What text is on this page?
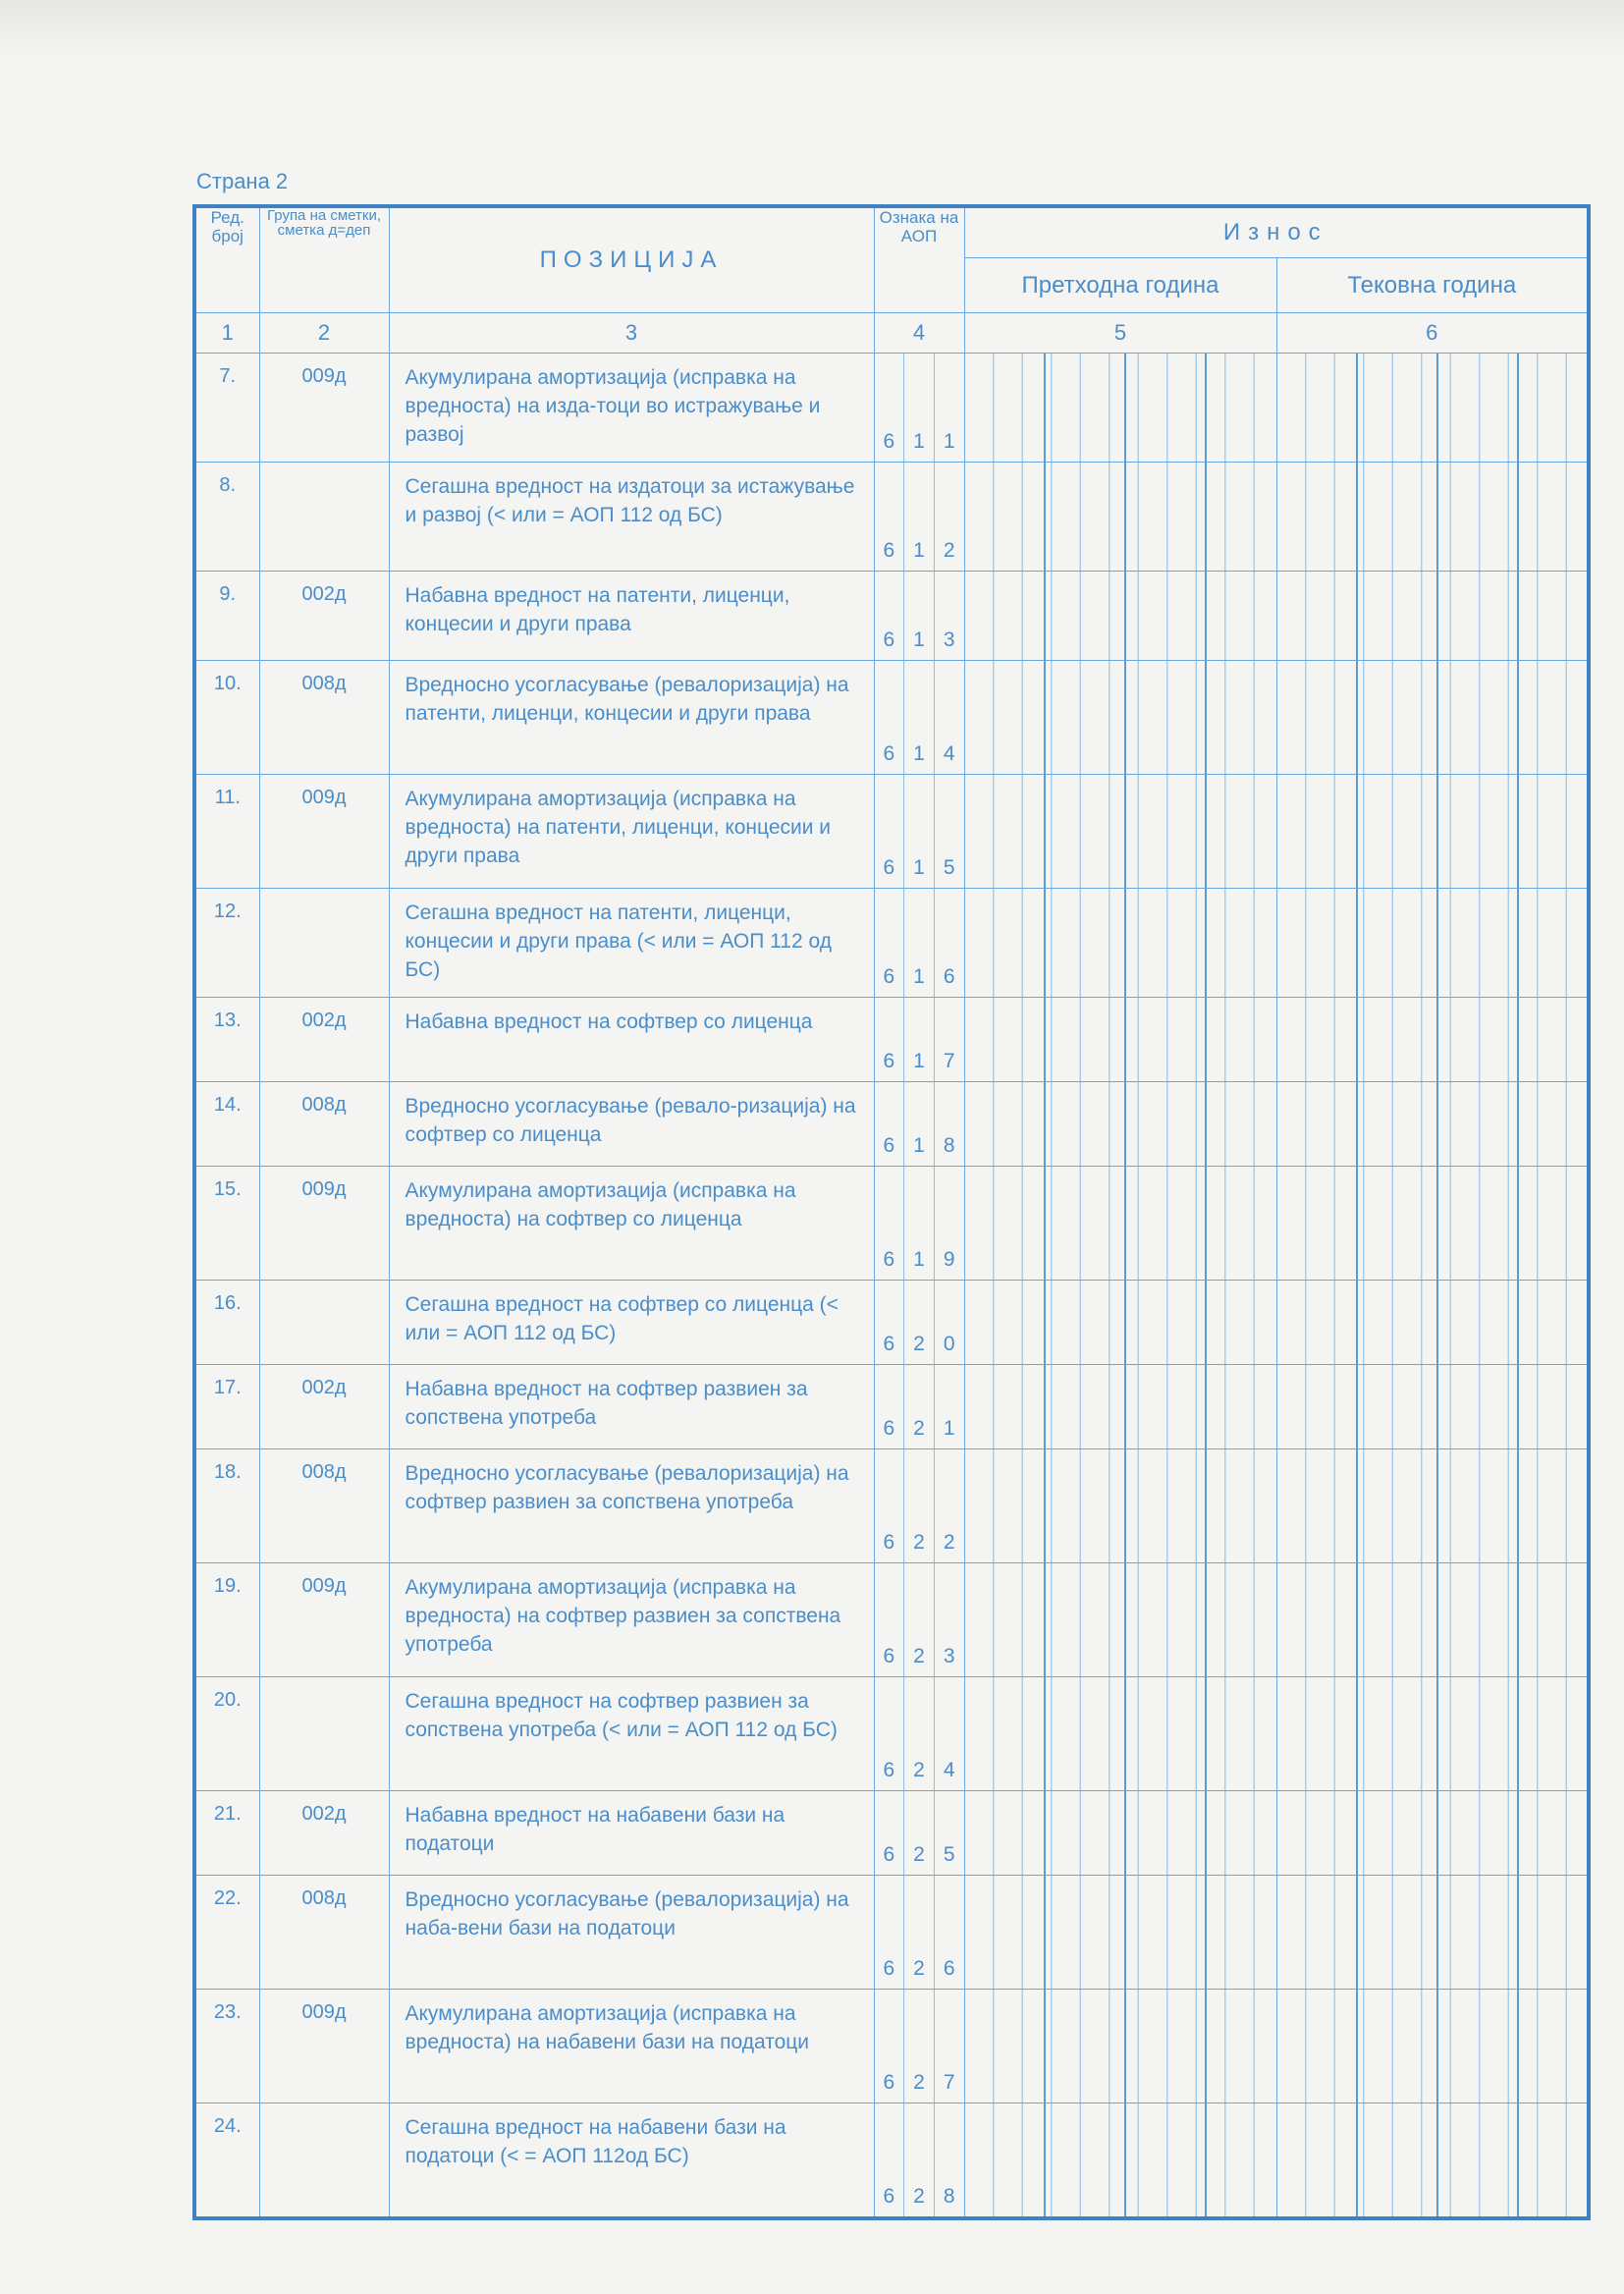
Страна 2
Ред. број	Група на сметки, сметка д=деп	ПОЗИЦИЈА	Ознака на АОП	Износ	
				Претходна година	Тековна година
1	2	3	4	5	6
7.	009д	Акумулирана амортизација (исправка на вредноста) на изда-тоци во истражување и развој	6 1 1		

8.		Сегашна вредност на издатоци за истажување и развој (< или = АОП 112 од БС)	6 1 2		

9.	002д	Набавна вредност на патенти, лиценци, концесии и други права	6 1 3		

10.	008д	Вредносно усогласување (ревалоризација) на патенти, лиценци, концесии и други права	6 1 4		

11.	009д	Акумулирана амортизација (исправка на вредноста) на патенти, лиценци, концесии и други права	6 1 5		

12.		Сегашна вредност на патенти, лиценци, концесии и други права (< или = АОП 112 од БС)	6 1 6		

13.	002д	Набавна вредност на софтвер со лиценца	6 1 7		

14.	008д	Вредносно усогласување (ревало-ризација) на софтвер со лиценца	6 1 8		

15.	009д	Акумулирана амортизација (исправка на вредноста) на софтвер со лиценца	6 1 9		

16.		Сегашна вредност на софтвер со лиценца (< или = АОП 112 од БС)	6 2 0		

17.	002д	Набавна вредност на софтвер развиен за сопствена употреба	6 2 1		

18.	008д	Вредносно усогласување (ревалоризација) на софтвер развиен за сопствена употреба	6 2 2		

19.	009д	Акумулирана амортизација (исправка на вредноста) на софтвер развиен за сопствена употреба	6 2 3		

20.		Сегашна вредност на софтвер развиен за сопствена употреба (< или = АОП 112 од БС)	6 2 4		

21.	002д	Набавна вредност на набавени бази на податоци	6 2 5		

22.	008д	Вредносно усогласување (ревалоризација) на наба-вени бази на податоци	6 2 6		

23.	009д	Акумулирана амортизација (исправка на вредноста) на набавени бази на податоци	6 2 7		

24.		Сегашна вредност на набавени бази на податоци (< = АОП 112од БС)	6 2 8		
